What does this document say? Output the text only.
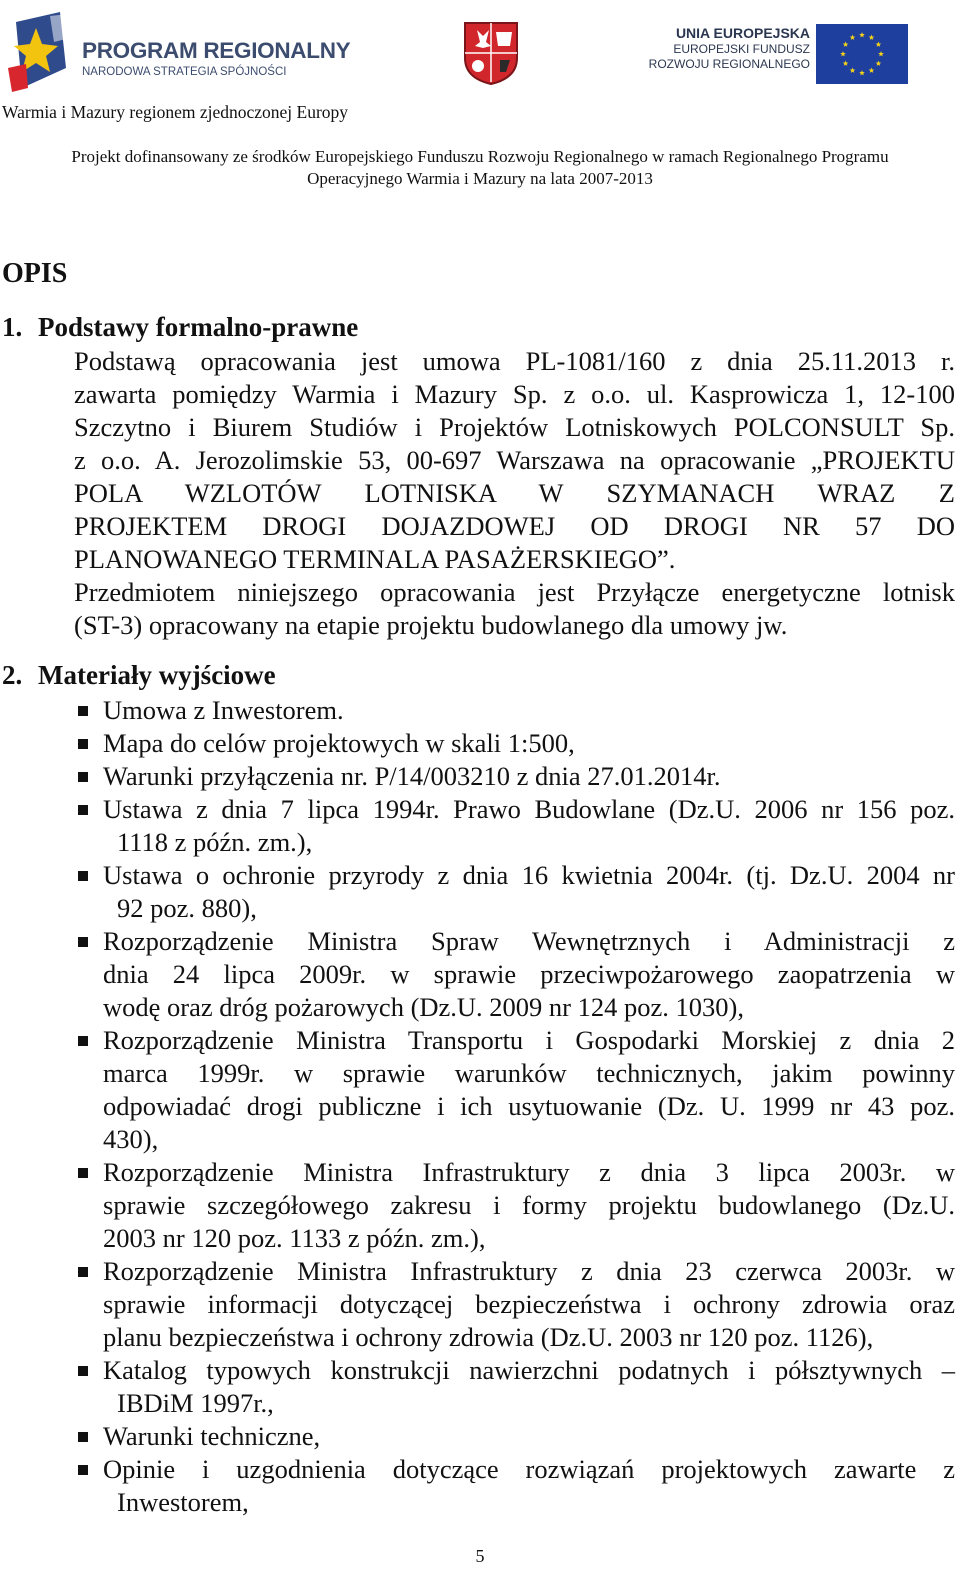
PROGRAM REGIONALNY
NARODOWA STRATEGIA SPÓJNOŚCI
UNIA EUROPEJSKA
EUROPEJSKI FUNDUSZ
ROZWOJU REGIONALNEGO
Warmia i Mazury regionem zjednoczonej Europy
Projekt dofinansowany ze środków Europejskiego Funduszu Rozwoju Regionalnego w ramach Regionalnego Programu
Operacyjnego Warmia i Mazury na lata 2007-2013
OPIS
1. Podstawy formalno-prawne
Podstawą opracowania jest umowa PL-1081/160 z dnia 25.11.2013 r.
zawarta pomiędzy Warmia i Mazury Sp. z o.o. ul. Kasprowicza 1, 12-100
Szczytno i Biurem Studiów i Projektów Lotniskowych POLCONSULT Sp.
z o.o. A. Jerozolimskie 53, 00-697 Warszawa na opracowanie „PROJEKTU
POLA WZLOTÓW LOTNISKA W SZYMANACH WRAZ Z
PROJEKTEM DROGI DOJAZDOWEJ OD DROGI NR 57 DO
PLANOWANEGO TERMINALA PASAŻERSKIEGO”.
Przedmiotem niniejszego opracowania jest Przyłącze energetyczne lotnisk
(ST-3) opracowany na etapie projektu budowlanego dla umowy jw.
2. Materiały wyjściowe
Umowa z Inwestorem.
Mapa do celów projektowych w skali 1:500,
Warunki przyłączenia nr. P/14/003210 z dnia 27.01.2014r.
Ustawa z dnia 7 lipca 1994r. Prawo Budowlane (Dz.U. 2006 nr 156 poz.
1118 z późn. zm.),
Ustawa o ochronie przyrody z dnia 16 kwietnia 2004r. (tj. Dz.U. 2004 nr
92 poz. 880),
Rozporządzenie Ministra Spraw Wewnętrznych i Administracji z
dnia 24 lipca 2009r. w sprawie przeciwpożarowego zaopatrzenia w
wodę oraz dróg pożarowych (Dz.U. 2009 nr 124 poz. 1030),
Rozporządzenie Ministra Transportu i Gospodarki Morskiej z dnia 2
marca 1999r. w sprawie warunków technicznych, jakim powinny
odpowiadać drogi publiczne i ich usytuowanie (Dz. U. 1999 nr 43 poz.
430),
Rozporządzenie Ministra Infrastruktury z dnia 3 lipca 2003r. w
sprawie szczegółowego zakresu i formy projektu budowlanego (Dz.U.
2003 nr 120 poz. 1133 z późn. zm.),
Rozporządzenie Ministra Infrastruktury z dnia 23 czerwca 2003r. w
sprawie informacji dotyczącej bezpieczeństwa i ochrony zdrowia oraz
planu bezpieczeństwa i ochrony zdrowia (Dz.U. 2003 nr 120 poz. 1126),
Katalog typowych konstrukcji nawierzchni podatnych i półsztywnych –
IBDiM 1997r.,
Warunki techniczne,
Opinie i uzgodnienia dotyczące rozwiązań projektowych zawarte z
Inwestorem,
5
